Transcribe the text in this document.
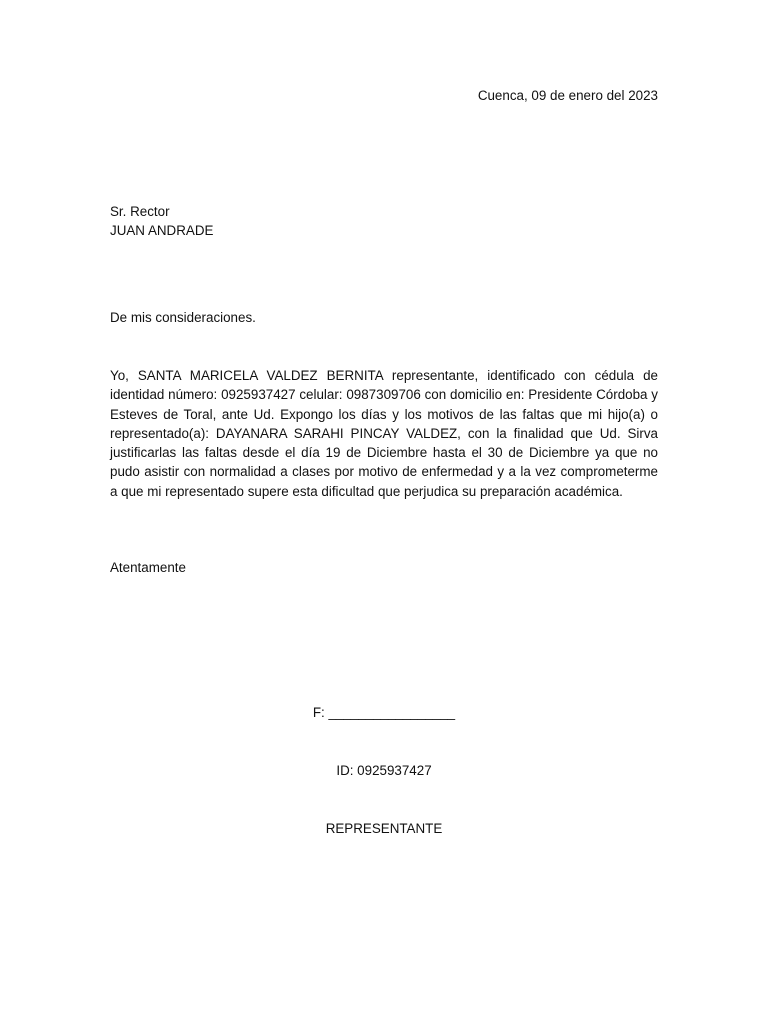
Cuenca, 09 de enero del 2023
Sr. Rector
JUAN ANDRADE
De mis consideraciones.
Yo, SANTA MARICELA VALDEZ BERNITA representante, identificado con cédula de identidad número: 0925937427 celular: 0987309706 con domicilio en: Presidente Córdoba y Esteves de Toral, ante Ud. Expongo los días y los motivos de las faltas que mi hijo(a) o representado(a): DAYANARA SARAHI PINCAY VALDEZ, con la finalidad que Ud. Sirva justificarlas las faltas desde el día 19 de Diciembre hasta el 30 de Diciembre ya que no pudo asistir con normalidad a clases por motivo de enfermedad y a la vez comprometerme a que mi representado supere esta dificultad que perjudica su preparación académica.
Atentamente
F: _________________
ID: 0925937427
REPRESENTANTE
